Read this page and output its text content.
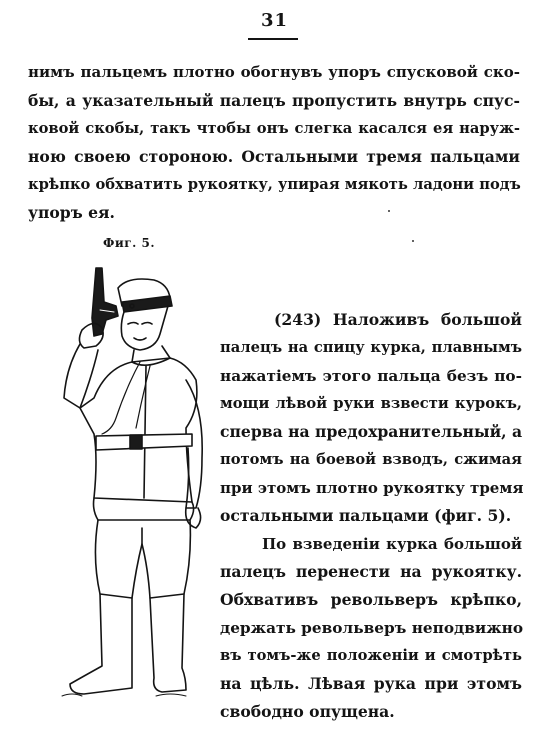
31
нимъ пальцемъ плотно обогнувъ упоръ спусковой ско-
бы, а указательный палецъ пропустить внутрь спус-
ковой скобы, такъ чтобы онъ слегка касался ея наруж-
ною своею стороною. Остальными тремя пальцами
крѣпко обхватить рукоятку, упирая мякоть ладони подъ
упоръ ея.
Фиг. 5.
(243) Наложивъ большой
палецъ на спицу курка, плавнымъ
нажатіемъ этого пальца безъ по-
мощи лѣвой руки взвести курокъ,
сперва на предохранительный, а
потомъ на боевой взводъ, сжимая
при этомъ плотно рукоятку тремя
остальными пальцами (фиг. 5).
По взведеніи курка большой
палецъ перенести на рукоятку.
Обхвативъ револьверъ крѣпко,
держать револьверъ неподвижно
въ томъ-же положеніи и смотрѣть
на цѣль. Лѣвая рука при этомъ
свободно опущена.
